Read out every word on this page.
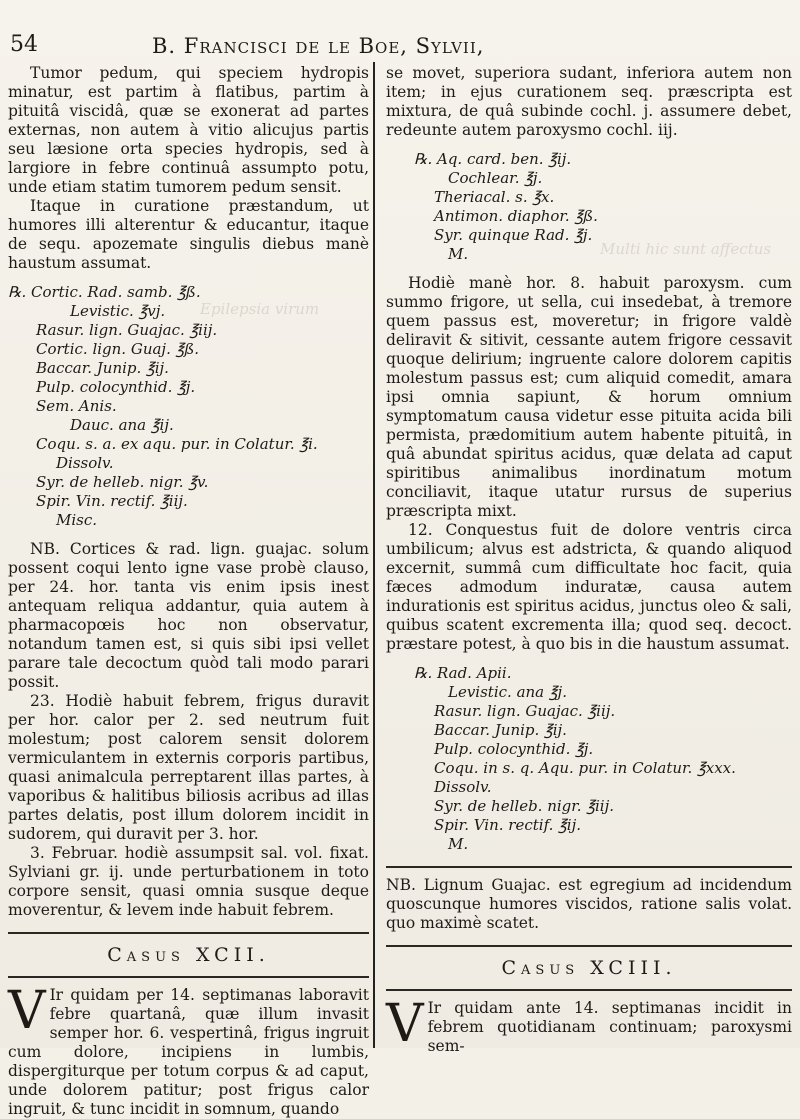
Multi hic sunt affectus
Epilepsia virum
54	B. Francisci de le Boe, Sylvii,

Tumor pedum, qui speciem hydropis minatur, est partim à flatibus, partim à pituitâ viscidâ, quæ se exonerat ad partes externas, non autem à vitio alicujus partis seu læsione orta species hydropis, sed à largiore in febre continuâ assumpto potu, unde etiam statim tumorem pedum sensit.

Itaque in curatione præstandum, ut humores illi alterentur & educantur, itaque de sequ. apozemate singulis diebus manè haustum assumat.

℞. Cortic. Rad. samb. ℥ß.
Levistic. ℥vj.
Rasur. lign. Guajac. ℥iij.
Cortic. lign. Guaj. ℥ß.
Baccar. Junip. ℥ij.
Pulp. colocynthid. ℥j.
Sem. Anis.
Dauc. ana ℥ij.
Coqu. s. a. ex aqu. pur. in Colatur. ℥i.
Dissolv.
Syr. de helleb. nigr. ℥v.
Spir. Vin. rectif. ℥iij.
Misc.

NB. Cortices & rad. lign. guajac. solum possent coqui lento igne vase probè clauso, per 24. hor. tanta vis enim ipsis inest antequam reliqua addantur, quia autem à pharmacopœis hoc non observatur, notandum tamen est, si quis sibi ipsi vellet parare tale decoctum quòd tali modo parari possit.

23. Hodiè habuit febrem, frigus duravit per hor. calor per 2. sed neutrum fuit molestum; post calorem sensit dolorem vermiculantem in externis corporis partibus, quasi animalcula perreptarent illas partes, à vaporibus & halitibus biliosis acribus ad illas partes delatis, post illum dolorem incidit in sudorem, qui duravit per 3. hor.

3. Februar. hodiè assumpsit sal. vol. fixat. Sylviani gr. ij. unde perturbationem in toto corpore sensit, quasi omnia susque deque moverentur, & levem inde habuit febrem.

Casus XCII.
V Ir quidam per 14. septimanas laboravit febre quartanâ, quæ illum invasit semper hor. 6. vespertinâ, frigus ingruit cum dolore, incipiens in lumbis, dispergiturque per totum corpus & ad caput, unde dolorem patitur; post frigus calor ingruit, & tunc incidit in somnum, quando

se movet, superiora sudant, inferiora autem non item; in ejus curationem seq. præscripta est mixtura, de quâ subinde cochl. j. assumere debet, redeunte autem paroxysmo cochl. iij.

℞. Aq. card. ben. ℥ij.
Cochlear. ℥j.
Theriacal. s. ℥x.
Antimon. diaphor. ℥ß.
Syr. quinque Rad. ℥j.
M.

Hodiè manè hor. 8. habuit paroxysm. cum summo frigore, ut sella, cui insedebat, à tremore quem passus est, moveretur; in frigore valdè deliravit & sitivit, cessante autem frigore cessavit quoque delirium; ingruente calore dolorem capitis molestum passus est; cum aliquid comedit, amara ipsi omnia sapiunt, & horum omnium symptomatum causa videtur esse pituita acida bili permista, prædomitium autem habente pituitâ, in quâ abundat spiritus acidus, quæ delata ad caput spiritibus animalibus inordinatum motum conciliavit, itaque utatur rursus de superius præscripta mixt.

12. Conquestus fuit de dolore ventris circa umbilicum; alvus est adstricta, & quando aliquod excernit, summâ cum difficultate hoc facit, quia fæces admodum induratæ, causa autem indurationis est spiritus acidus, junctus oleo & sali, quibus scatent excrementa illa; quod seq. decoct. præstare potest, à quo bis in die haustum assumat.

℞. Rad. Apii.
Levistic. ana ℥j.
Rasur. lign. Guajac. ℥iij.
Baccar. Junip. ℥ij.
Pulp. colocynthid. ℥j.
Coqu. in s. q. Aqu. pur. in Colatur. ℥xxx.
Dissolv.
Syr. de helleb. nigr. ℥iij.
Spir. Vin. rectif. ℥ij.
M.

NB. Lignum Guajac. est egregium ad incidendum quoscunque humores viscidos, ratione salis volat. quo maximè scatet.

Casus XCIII.
V Ir quidam ante 14. septimanas incidit in febrem quotidianam continuam; paroxysmi sem-
